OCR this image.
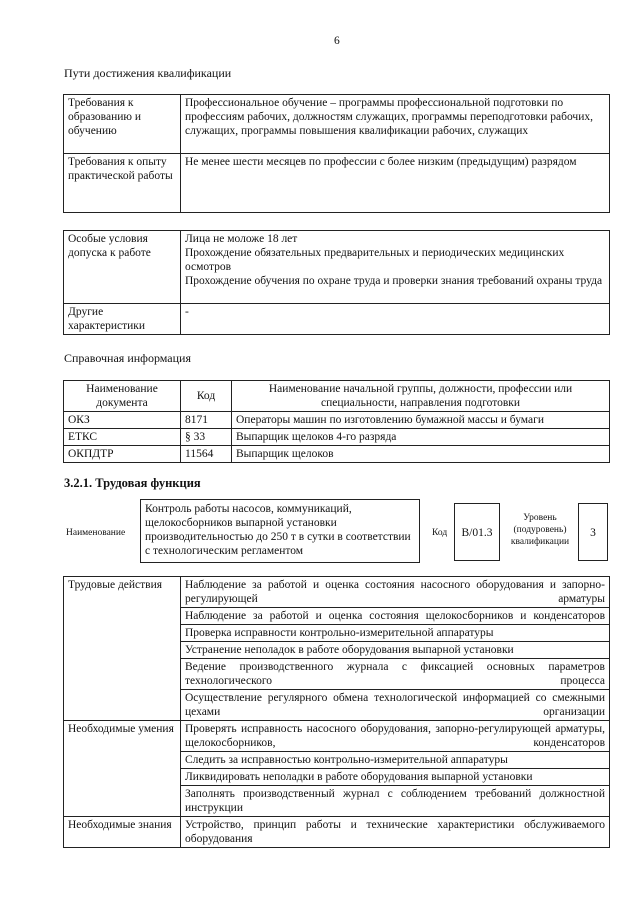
6
Пути достижения квалификации
Требования к образованию и обучению	Профессиональное обучение – программы профессиональной подготовки по профессиям рабочих, должностям служащих, программы переподготовки рабочих, служащих, программы повышения квалификации рабочих, служащих
Требования к опыту практической работы	Не менее шести месяцев по профессии с более низким (предыдущим) разрядом
Особые условия допуска к работе	Лица не моложе 18 лет
Прохождение обязательных предварительных и периодических медицинских осмотров
Прохождение обучения по охране труда и проверки знания требований охраны труда

Другие характеристики	-
Справочная информация
Наименование документа	Код	Наименование начальной группы, должности, профессии или специальности, направления подготовки
ОКЗ	8171	Операторы машин по изготовлению бумажной массы и бумаги
ЕТКС	§ 33	Выпарщик щелоков 4-го разряда
ОКПДТР	11564	Выпарщик щелоков
3.2.1. Трудовая функция
Наименование
Контроль работы насосов, коммуникаций, щелокосборников выпарной установки производительностью до 250 т в сутки в соответствии с технологическим регламентом
Код	B/01.3
Уровень (подуровень) квалификации
3
Трудовые действия	Наблюдение за работой и оценка состояния насосного оборудования и запорно-регулирующей арматуры
	Наблюдение за работой и оценка состояния щелокосборников и конденсаторов
	Проверка исправности контрольно-измерительной аппаратуры
	Устранение неполадок в работе оборудования выпарной установки
	Ведение производственного журнала с фиксацией основных параметров технологического процесса
	Осуществление регулярного обмена технологической информацией со смежными цехами организации
Необходимые умения	Проверять исправность насосного оборудования, запорно-регулирующей арматуры, щелокосборников, конденсаторов
	Следить за исправностью контрольно-измерительной аппаратуры
	Ликвидировать неполадки в работе оборудования выпарной установки
	Заполнять производственный журнал с соблюдением требований должностной инструкции
Необходимые знания	Устройство, принцип работы и технические характеристики обслуживаемого оборудования
